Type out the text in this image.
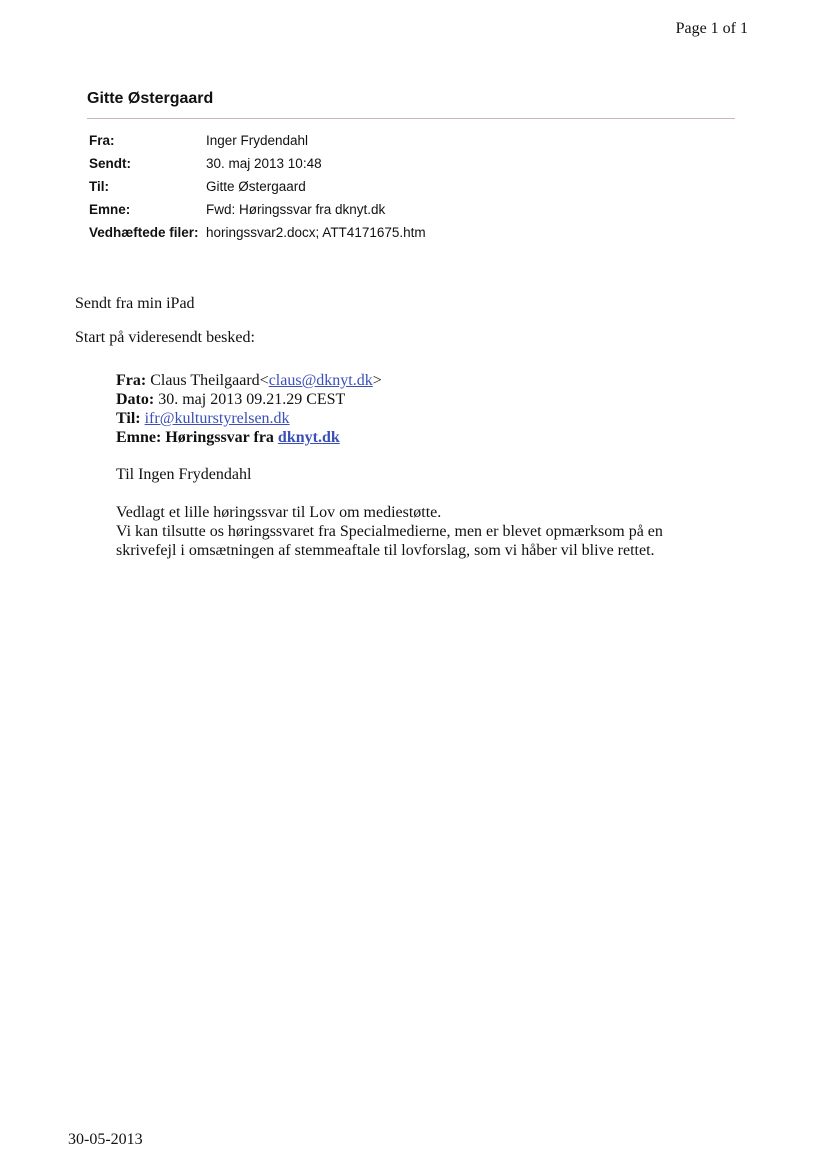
Page 1 of 1
Gitte Østergaard
Fra:	Inger Frydendahl
Sendt:	30. maj 2013 10:48
Til:	Gitte Østergaard
Emne:	Fwd: Høringssvar fra dknyt.dk
Vedhæftede filer: horingssvar2.docx; ATT4171675.htm

Sendt fra min iPad

Start på videresendt besked:

Fra: Claus Theilgaard<claus@dknyt.dk>
Dato: 30. maj 2013 09.21.29 CEST
Til: ifr@kulturstyrelsen.dk
Emne: Høringssvar fra dknyt.dk
Til Ingen Frydendahl
Vedlagt et lille høringssvar til Lov om mediestøtte.
Vi kan tilsutte os høringssvaret fra Specialmedierne, men er blevet opmærksom på en
skrivefejl i omsætningen af stemmeaftale til lovforslag, som vi håber vil blive rettet.
30-05-2013
